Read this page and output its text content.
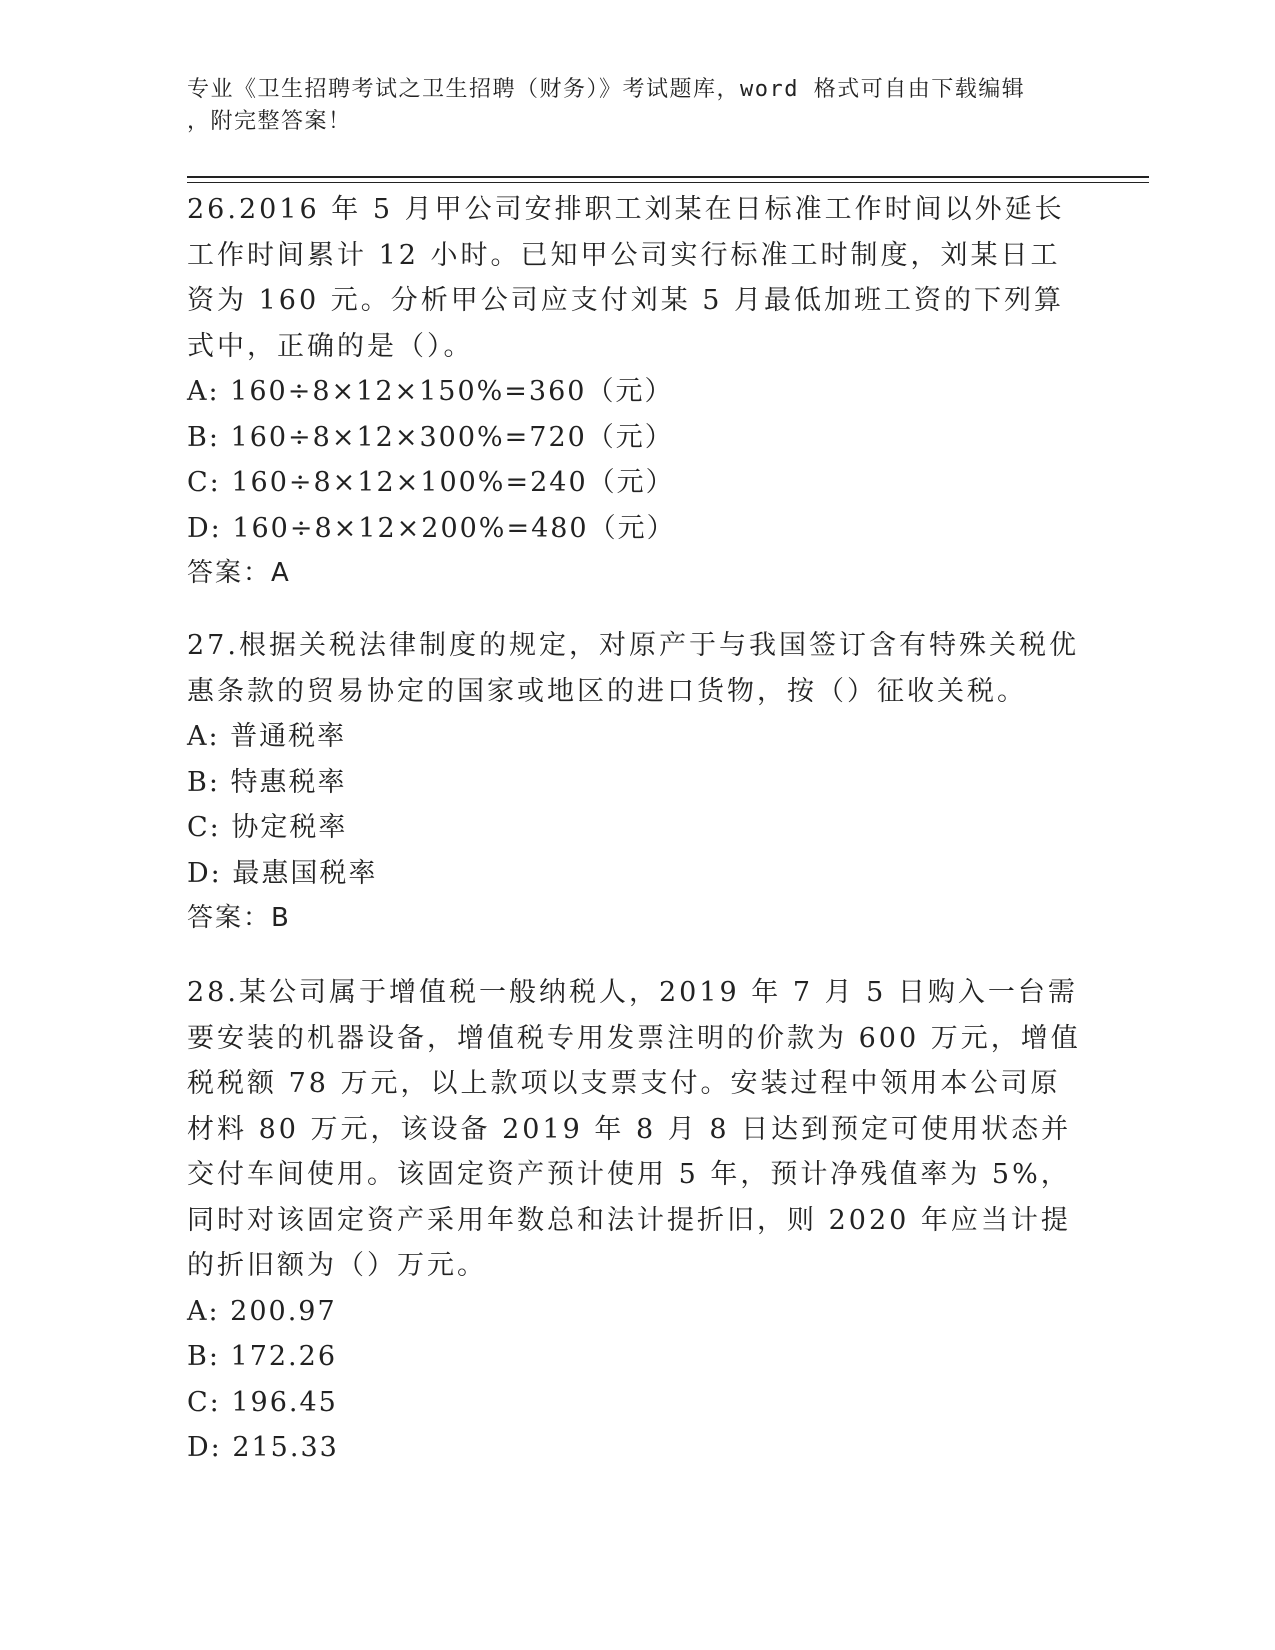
专业《卫生招聘考试之卫生招聘（财务）》考试题库，word 格式可自由下载编辑
，附完整答案！

26.2016 年 5 月甲公司安排职工刘某在日标准工作时间以外延长工作时间累计 12 小时。已知甲公司实行标准工时制度，刘某日工资为 160 元。分析甲公司应支付刘某 5 月最低加班工资的下列算式中，正确的是（）。

A: 160÷8×12×150%=360（元）

B: 160÷8×12×300%=720（元）

C: 160÷8×12×100%=240（元）

D: 160÷8×12×200%=480（元）

答案：A

27.根据关税法律制度的规定，对原产于与我国签订含有特殊关税优惠条款的贸易协定的国家或地区的进口货物，按（）征收关税。

A: 普通税率

B: 特惠税率

C: 协定税率

D: 最惠国税率

答案：B

28.某公司属于增值税一般纳税人，2019 年 7 月 5 日购入一台需要安装的机器设备，增值税专用发票注明的价款为 600 万元，增值税税额 78 万元，以上款项以支票支付。安装过程中领用本公司原材料 80 万元，该设备 2019 年 8 月 8 日达到预定可使用状态并交付车间使用。该固定资产预计使用 5 年，预计净残值率为 5%，同时对该固定资产采用年数总和法计提折旧，则 2020 年应当计提的折旧额为（）万元。

A: 200.97

B: 172.26

C: 196.45

D: 215.33
